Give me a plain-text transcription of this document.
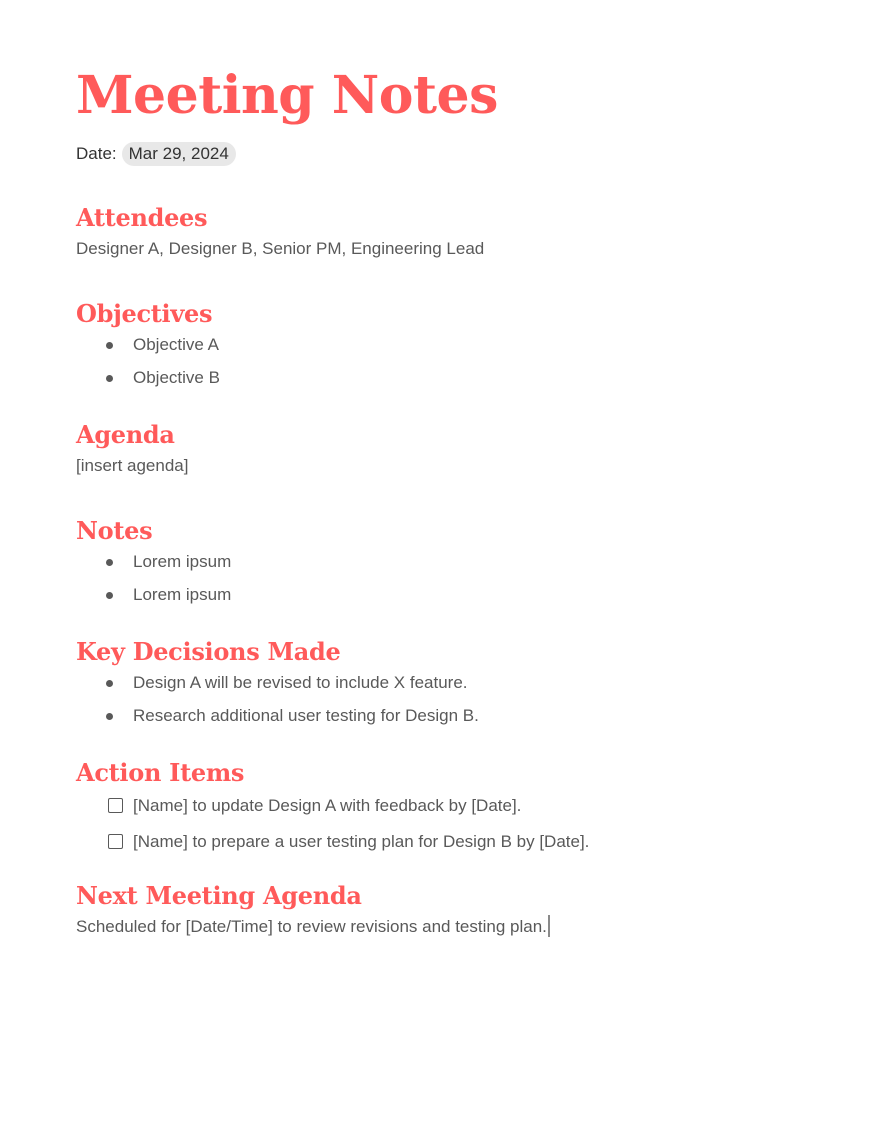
Meeting Notes
Date: Mar 29, 2024
Attendees

Designer A, Designer B, Senior PM, Engineering Lead

Objectives
Objective A
Objective B
Agenda

[insert agenda]

Notes
Lorem ipsum
Lorem ipsum
Key Decisions Made
Design A will be revised to include X feature.
Research additional user testing for Design B.
Action Items
[Name] to update Design A with feedback by [Date].
[Name] to prepare a user testing plan for Design B by [Date].
Next Meeting Agenda

Scheduled for [Date/Time] to review revisions and testing plan.
